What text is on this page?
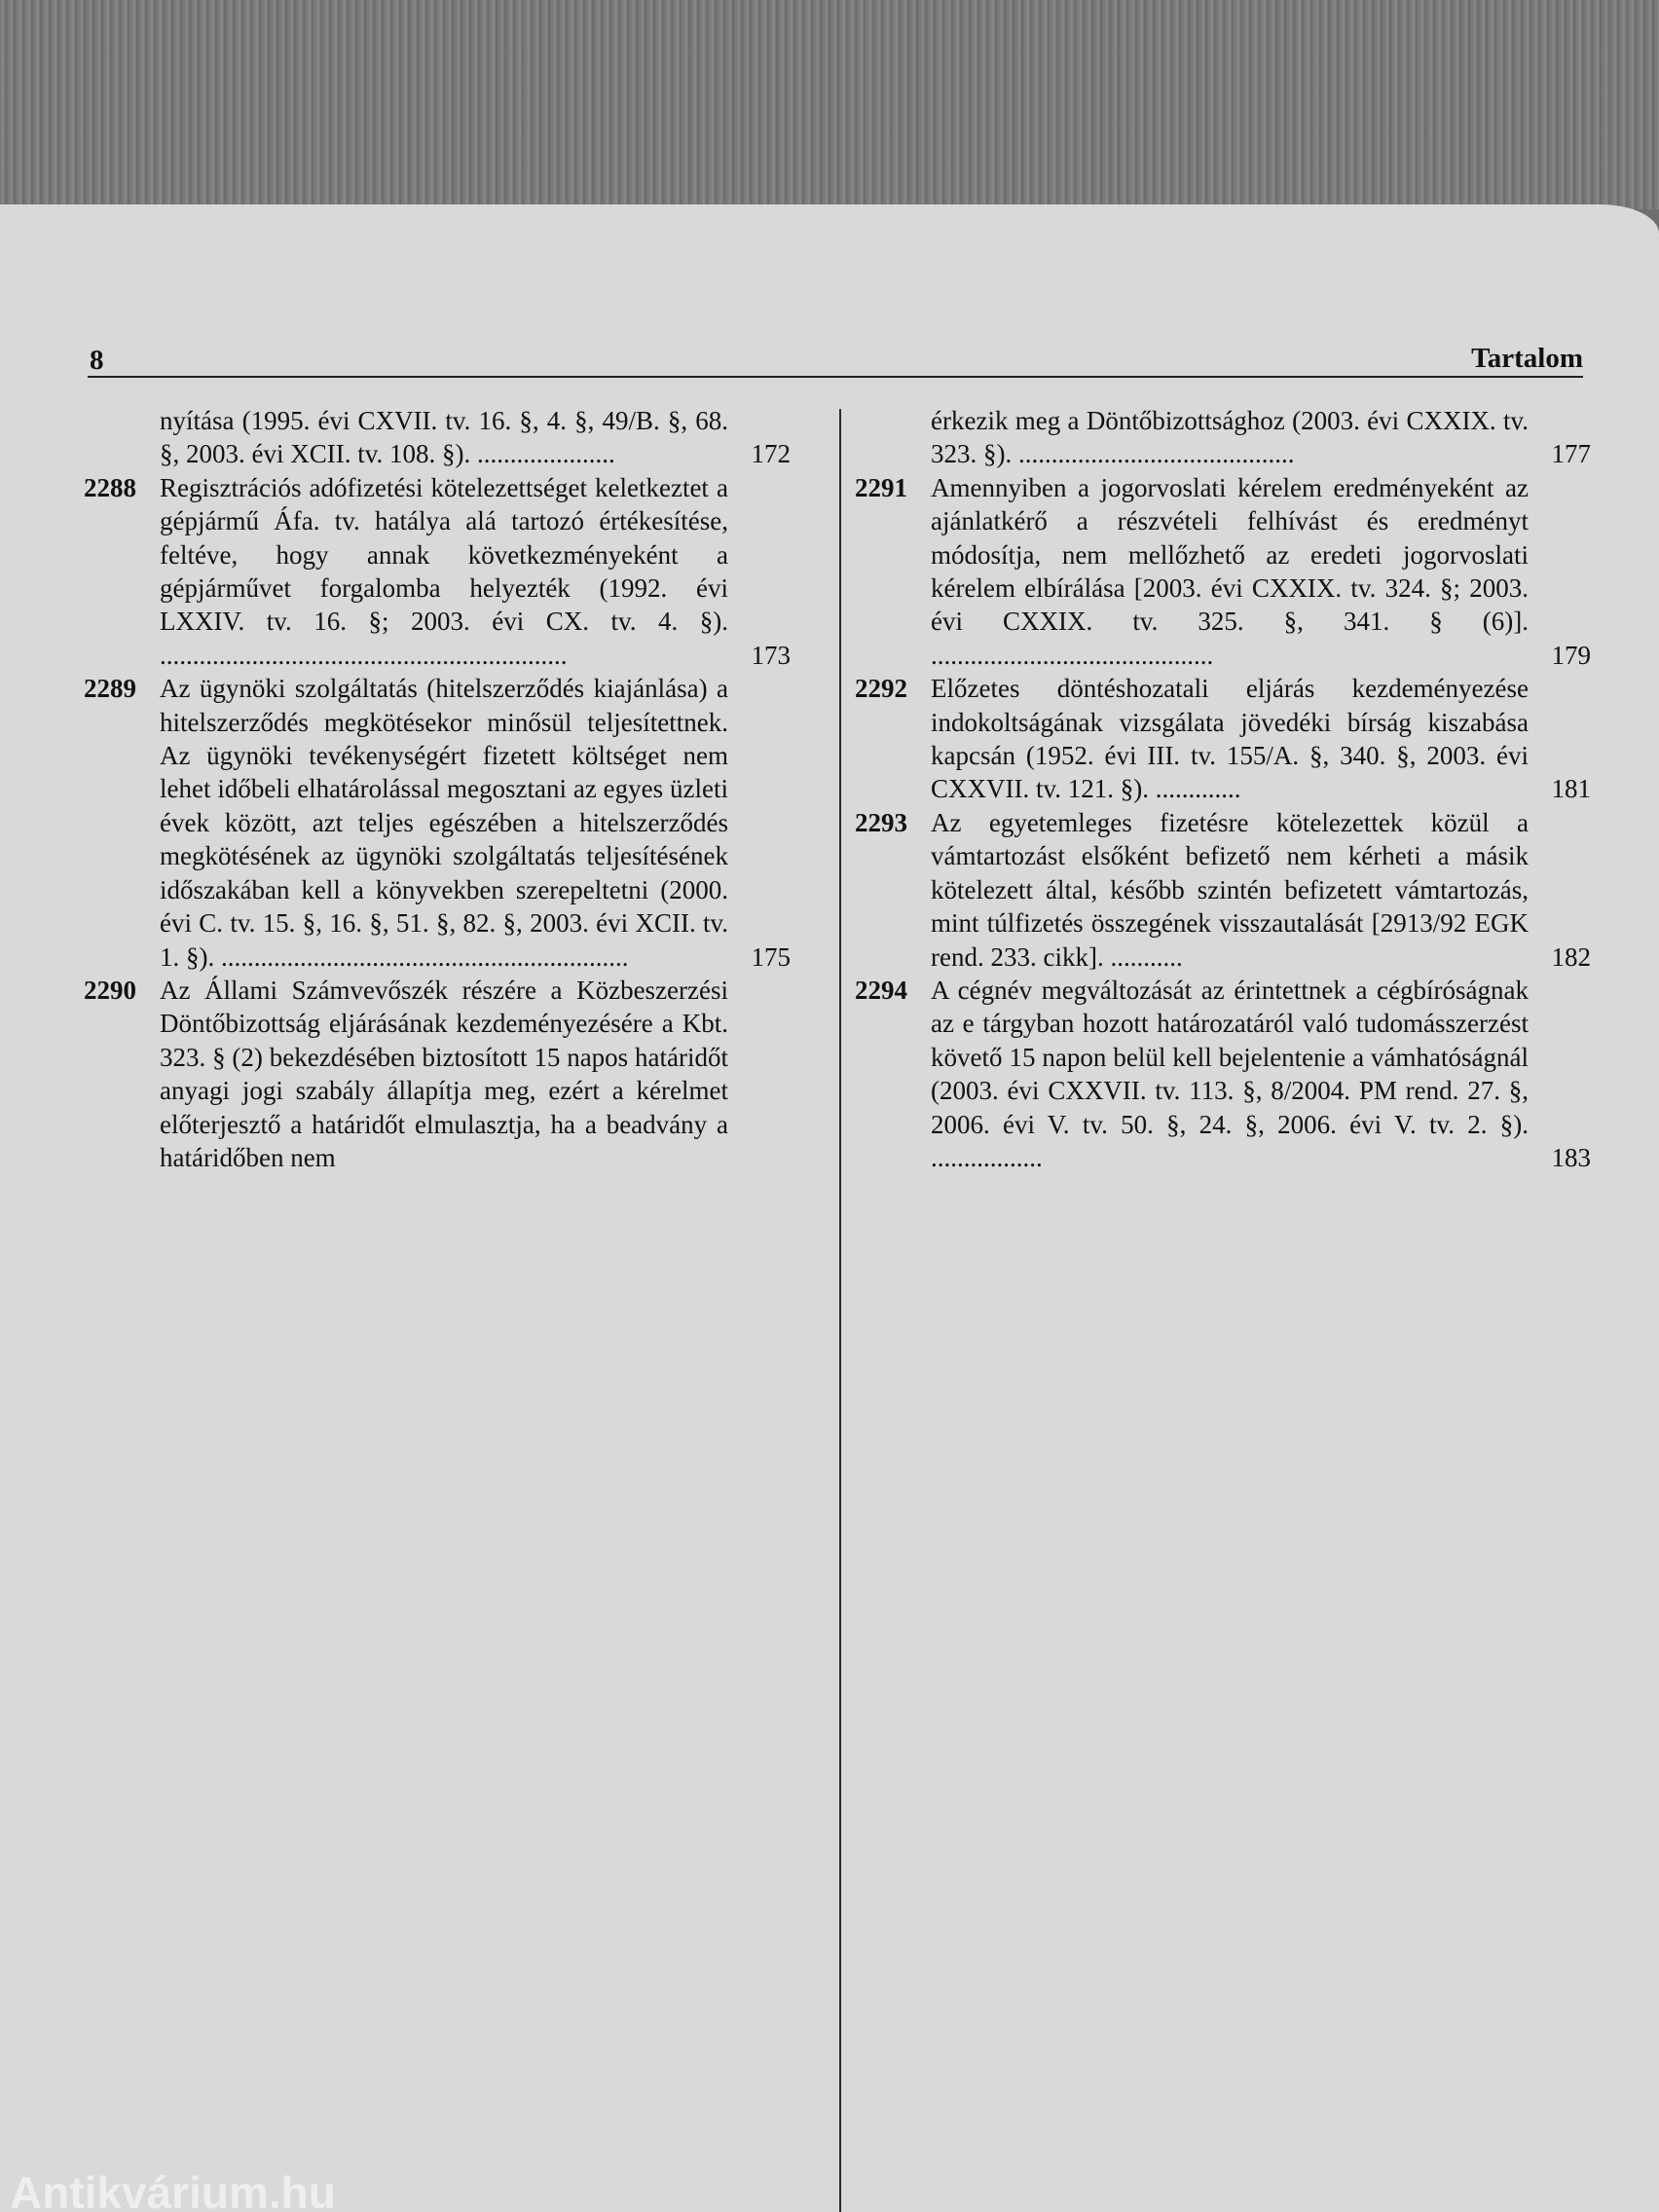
8	Tartalom
nyítása (1995. évi CXVII. tv. 16. §, 4. §, 49/B. §, 68. §, 2003. évi XCII. tv. 108. §). .....................	172
2288 Regisztrációs adófizetési kötelezettséget keletkeztet a gépjármű Áfa. tv. hatálya alá tartozó értékesítése, feltéve, hogy annak következményeként a gépjárművet forgalomba helyezték (1992. évi LXXIV. tv. 16. §; 2003. évi CX. tv. 4. §). ..............................................................	173
2289 Az ügynöki szolgáltatás (hitelszerződés kiajánlása) a hitelszerződés megkötésekor minősül teljesítettnek. Az ügynöki tevékenységért fizetett költséget nem lehet időbeli elhatárolással megosztani az egyes üzleti évek között, azt teljes egészében a hitelszerződés megkötésének az ügynöki szolgáltatás teljesítésének időszakában kell a könyvekben szerepeltetni (2000. évi C. tv. 15. §, 16. §, 51. §, 82. §, 2003. évi XCII. tv. 1. §). ..............................................................	175
2290 Az Állami Számvevőszék részére a Közbeszerzési Döntőbizottság eljárásának kezdeményezésére a Kbt. 323. § (2) bekezdésében biztosított 15 napos határidőt anyagi jogi szabály állapítja meg, ezért a kérelmet előterjesztő a határidőt elmulasztja, ha a beadvány a határidőben nem
érkezik meg a Döntőbizottsághoz (2003. évi CXXIX. tv. 323. §). ..........................................	177
2291 Amennyiben a jogorvoslati kérelem eredményeként az ajánlatkérő a részvételi felhívást és eredményt módosítja, nem mellőzhető az eredeti jogorvoslati kérelem elbírálása [2003. évi CXXIX. tv. 324. §; 2003. évi CXXIX. tv. 325. §, 341. § (6)]. ...........................................	179
2292 Előzetes döntéshozatali eljárás kezdeményezése indokoltságának vizsgálata jövedéki bírság kiszabása kapcsán (1952. évi III. tv. 155/A. §, 340. §, 2003. évi CXXVII. tv. 121. §). .............	181
2293 Az egyetemleges fizetésre kötelezettek közül a vámtartozást elsőként befizető nem kérheti a másik kötelezett által, később szintén befizetett vámtartozás, mint túlfizetés összegének visszautalását [2913/92 EGK rend. 233. cikk]. ...........	182
2294 A cégnév megváltozását az érintettnek a cégbíróságnak az e tárgyban hozott határozatáról való tudomásszerzést követő 15 napon belül kell bejelentenie a vámhatóságnál (2003. évi CXXVII. tv. 113. §, 8/2004. PM rend. 27. §, 2006. évi V. tv. 50. §, 24. §, 2006. évi V. tv. 2. §). .................	183
Antikvárium.hu
